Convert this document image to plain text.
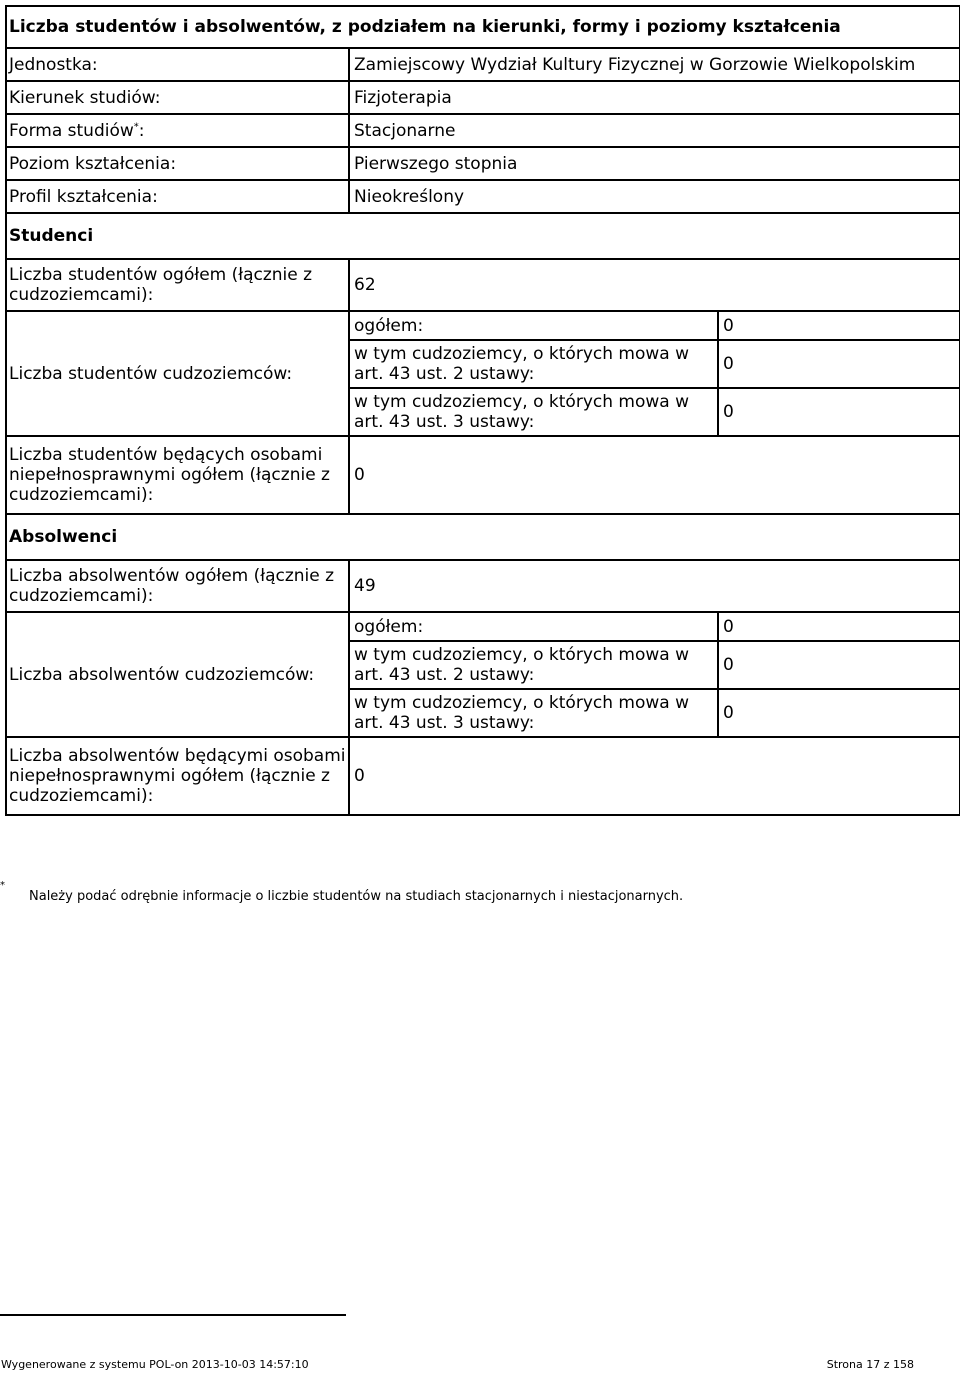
Liczba studentów i absolwentów, z podziałem na kierunki, formy i poziomy kształcenia		
Jednostka:	Zamiejscowy Wydział Kultury Fizycznej w Gorzowie Wielkopolskim	
Kierunek studiów:	Fizjoterapia	
Forma studiów*:	Stacjonarne	
Poziom kształcenia:	Pierwszego stopnia	
Profil kształcenia:	Nieokreślony	
Studenci		
Liczba studentów ogółem (łącznie z cudzoziemcami):	62	
Liczba studentów cudzoziemców:	ogółem:	0
	w tym cudzoziemcy, o których mowa w art. 43 ust. 2 ustawy:	0
	w tym cudzoziemcy, o których mowa w art. 43 ust. 3 ustawy:	0
Liczba studentów będących osobami niepełnosprawnymi ogółem (łącznie z cudzoziemcami):	0	
Absolwenci		
Liczba absolwentów ogółem (łącznie z cudzoziemcami):	49	
Liczba absolwentów cudzoziemców:	ogółem:	0
	w tym cudzoziemcy, o których mowa w art. 43 ust. 2 ustawy:	0
	w tym cudzoziemcy, o których mowa w art. 43 ust. 3 ustawy:	0
Liczba absolwentów będącymi osobami niepełnosprawnymi ogółem (łącznie z cudzoziemcami):	0	
*
Należy podać odrębnie informacje o liczbie studentów na studiach stacjonarnych i niestacjonarnych.
Wygenerowane z systemu POL-on 2013-10-03 14:57:10	Strona 17 z 158
